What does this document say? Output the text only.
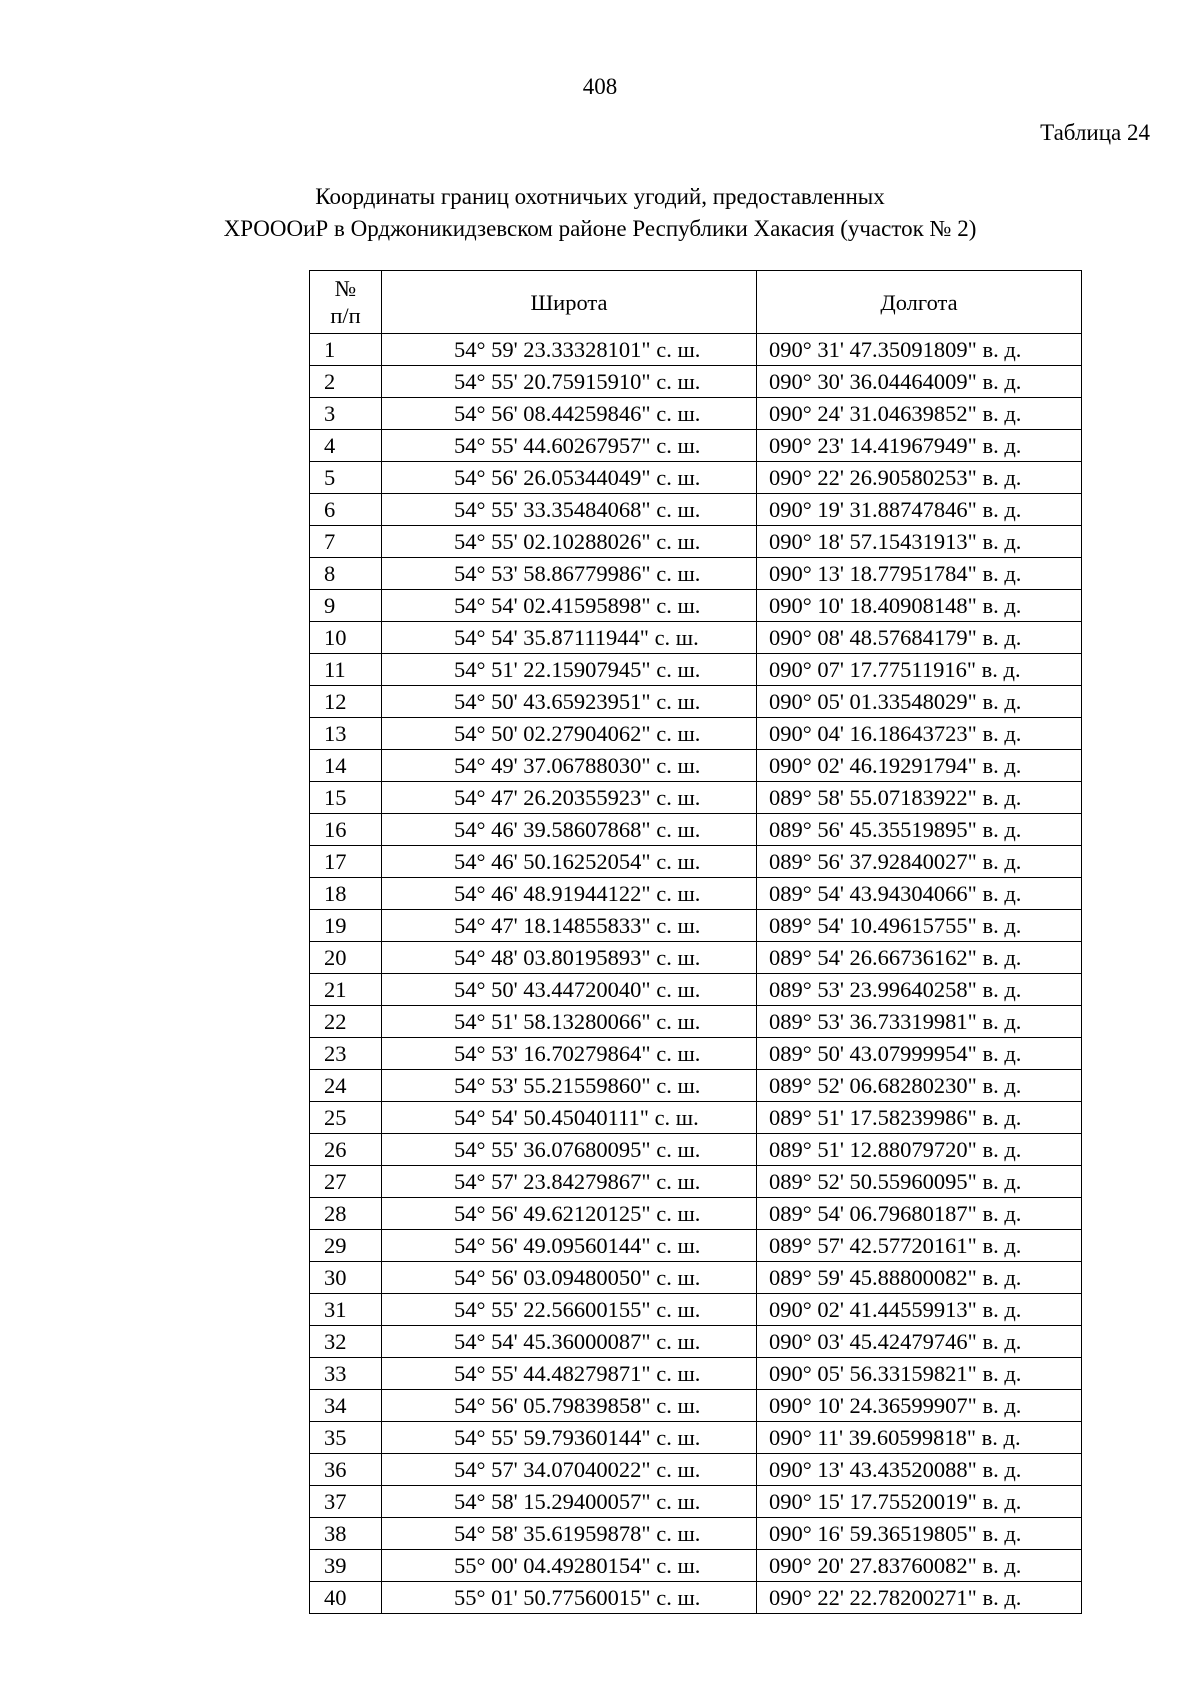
408
Таблица 24
Координаты границ охотничьих угодий, предоставленных
ХРОООиР в Орджоникидзевском районе Республики Хакасия (участок № 2)
№
п/п	Широта	Долгота
1	54° 59' 23.33328101" с. ш.	090° 31' 47.35091809" в. д.
2	54° 55' 20.75915910" с. ш.	090° 30' 36.04464009" в. д.
3	54° 56' 08.44259846" с. ш.	090° 24' 31.04639852" в. д.
4	54° 55' 44.60267957" с. ш.	090° 23' 14.41967949" в. д.
5	54° 56' 26.05344049" с. ш.	090° 22' 26.90580253" в. д.
6	54° 55' 33.35484068" с. ш.	090° 19' 31.88747846" в. д.
7	54° 55' 02.10288026" с. ш.	090° 18' 57.15431913" в. д.
8	54° 53' 58.86779986" с. ш.	090° 13' 18.77951784" в. д.
9	54° 54' 02.41595898" с. ш.	090° 10' 18.40908148" в. д.
10	54° 54' 35.87111944" с. ш.	090° 08' 48.57684179" в. д.
11	54° 51' 22.15907945" с. ш.	090° 07' 17.77511916" в. д.
12	54° 50' 43.65923951" с. ш.	090° 05' 01.33548029" в. д.
13	54° 50' 02.27904062" с. ш.	090° 04' 16.18643723" в. д.
14	54° 49' 37.06788030" с. ш.	090° 02' 46.19291794" в. д.
15	54° 47' 26.20355923" с. ш.	089° 58' 55.07183922" в. д.
16	54° 46' 39.58607868" с. ш.	089° 56' 45.35519895" в. д.
17	54° 46' 50.16252054" с. ш.	089° 56' 37.92840027" в. д.
18	54° 46' 48.91944122" с. ш.	089° 54' 43.94304066" в. д.
19	54° 47' 18.14855833" с. ш.	089° 54' 10.49615755" в. д.
20	54° 48' 03.80195893" с. ш.	089° 54' 26.66736162" в. д.
21	54° 50' 43.44720040" с. ш.	089° 53' 23.99640258" в. д.
22	54° 51' 58.13280066" с. ш.	089° 53' 36.73319981" в. д.
23	54° 53' 16.70279864" с. ш.	089° 50' 43.07999954" в. д.
24	54° 53' 55.21559860" с. ш.	089° 52' 06.68280230" в. д.
25	54° 54' 50.45040111" с. ш.	089° 51' 17.58239986" в. д.
26	54° 55' 36.07680095" с. ш.	089° 51' 12.88079720" в. д.
27	54° 57' 23.84279867" с. ш.	089° 52' 50.55960095" в. д.
28	54° 56' 49.62120125" с. ш.	089° 54' 06.79680187" в. д.
29	54° 56' 49.09560144" с. ш.	089° 57' 42.57720161" в. д.
30	54° 56' 03.09480050" с. ш.	089° 59' 45.88800082" в. д.
31	54° 55' 22.56600155" с. ш.	090° 02' 41.44559913" в. д.
32	54° 54' 45.36000087" с. ш.	090° 03' 45.42479746" в. д.
33	54° 55' 44.48279871" с. ш.	090° 05' 56.33159821" в. д.
34	54° 56' 05.79839858" с. ш.	090° 10' 24.36599907" в. д.
35	54° 55' 59.79360144" с. ш.	090° 11' 39.60599818" в. д.
36	54° 57' 34.07040022" с. ш.	090° 13' 43.43520088" в. д.
37	54° 58' 15.29400057" с. ш.	090° 15' 17.75520019" в. д.
38	54° 58' 35.61959878" с. ш.	090° 16' 59.36519805" в. д.
39	55° 00' 04.49280154" с. ш.	090° 20' 27.83760082" в. д.
40	55° 01' 50.77560015" с. ш.	090° 22' 22.78200271" в. д.
